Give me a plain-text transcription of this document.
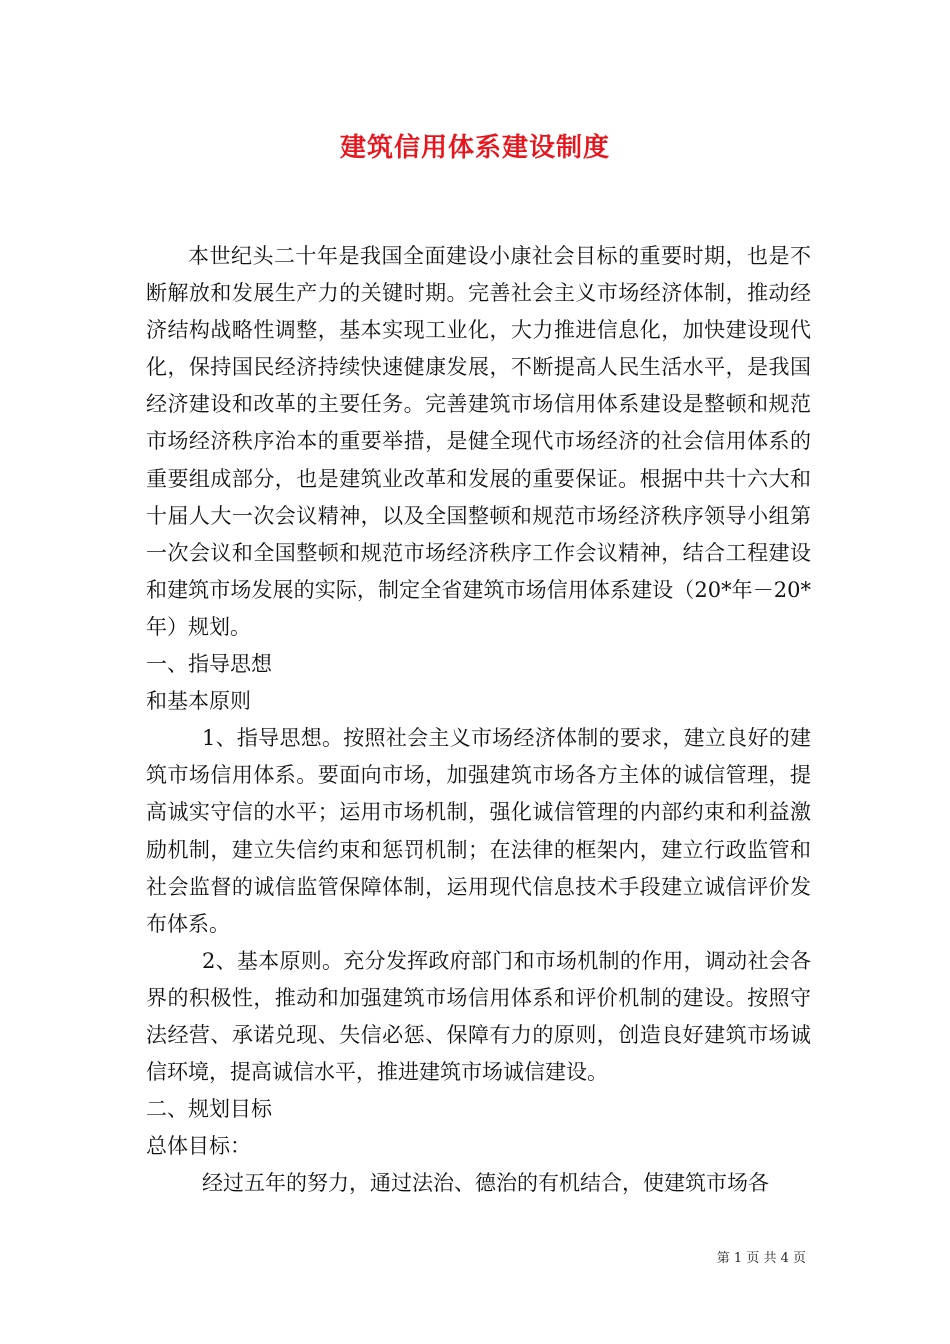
建筑信用体系建设制度

本世纪头二十年是我国全面建设小康社会目标的重要时期，也是不断解放和发展生产力的关键时期。完善社会主义市场经济体制，推动经济结构战略性调整，基本实现工业化，大力推进信息化，加快建设现代化，保持国民经济持续快速健康发展，不断提高人民生活水平，是我国经济建设和改革的主要任务。完善建筑市场信用体系建设是整顿和规范市场经济秩序治本的重要举措，是健全现代市场经济的社会信用体系的重要组成部分，也是建筑业改革和发展的重要保证。根据中共十六大和十届人大一次会议精神，以及全国整顿和规范市场经济秩序领导小组第一次会议和全国整顿和规范市场经济秩序工作会议精神，结合工程建设和建筑市场发展的实际，制定全省建筑市场信用体系建设（20*年－20*年）规划。

一、指导思想

和基本原则

1、指导思想。按照社会主义市场经济体制的要求，建立良好的建筑市场信用体系。要面向市场，加强建筑市场各方主体的诚信管理，提高诚实守信的水平；运用市场机制，强化诚信管理的内部约束和利益激励机制，建立失信约束和惩罚机制；在法律的框架内，建立行政监管和社会监督的诚信监管保障体制，运用现代信息技术手段建立诚信评价发布体系。

2、基本原则。充分发挥政府部门和市场机制的作用，调动社会各界的积极性，推动和加强建筑市场信用体系和评价机制的建设。按照守法经营、承诺兑现、失信必惩、保障有力的原则，创造良好建筑市场诚信环境，提高诚信水平，推进建筑市场诚信建设。

二、规划目标

总体目标：

经过五年的努力，通过法治、德治的有机结合，使建筑市场各

第 1 页 共 4 页
